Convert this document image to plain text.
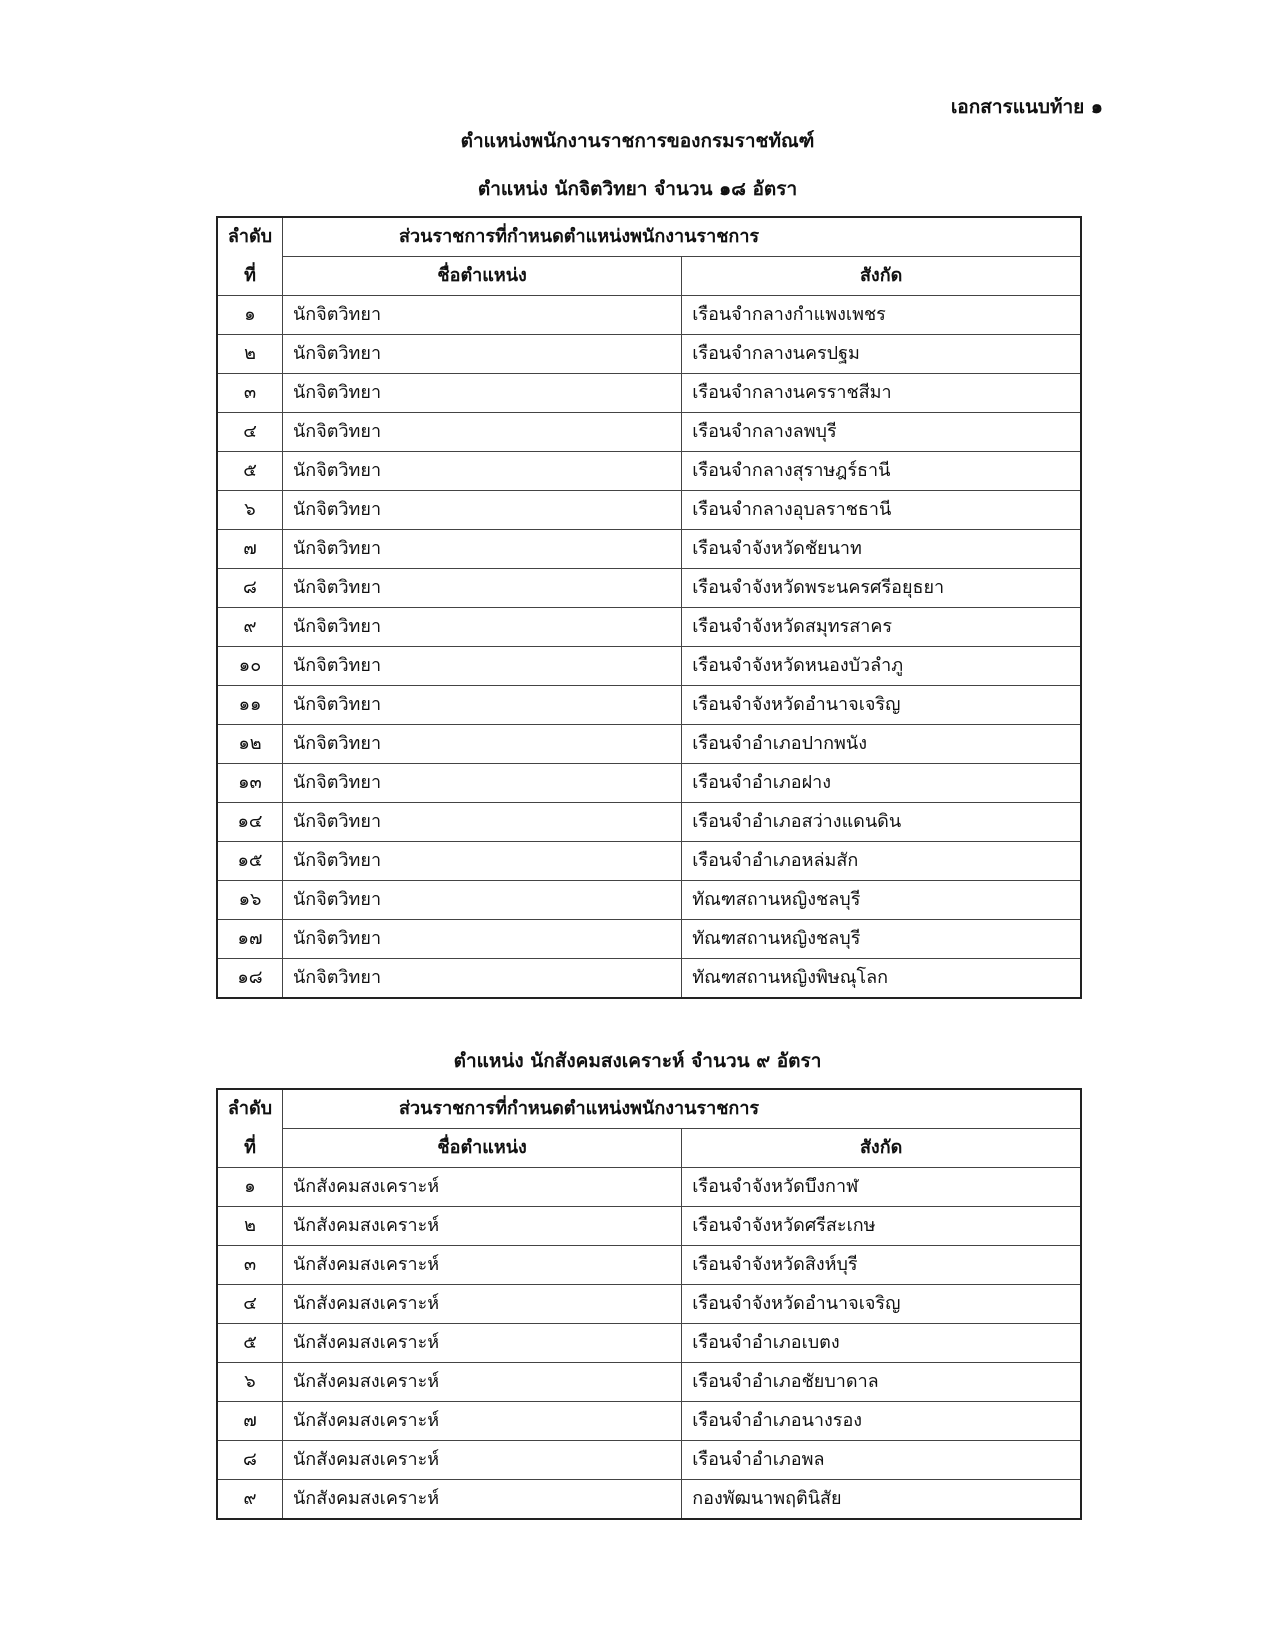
เอกสารแนบท้าย ๑
ตำแหน่งพนักงานราชการของกรมราชทัณฑ์
ตำแหน่ง นักจิตวิทยา จำนวน ๑๘ อัตรา
ลำดับ	ส่วนราชการที่กำหนดตำแหน่งพนักงานราชการ	
ที่	ชื่อตำแหน่ง	สังกัด
๑	นักจิตวิทยา	เรือนจำกลางกำแพงเพชร
๒	นักจิตวิทยา	เรือนจำกลางนครปฐม
๓	นักจิตวิทยา	เรือนจำกลางนครราชสีมา
๔	นักจิตวิทยา	เรือนจำกลางลพบุรี
๕	นักจิตวิทยา	เรือนจำกลางสุราษฎร์ธานี
๖	นักจิตวิทยา	เรือนจำกลางอุบลราชธานี
๗	นักจิตวิทยา	เรือนจำจังหวัดชัยนาท
๘	นักจิตวิทยา	เรือนจำจังหวัดพระนครศรีอยุธยา
๙	นักจิตวิทยา	เรือนจำจังหวัดสมุทรสาคร
๑๐	นักจิตวิทยา	เรือนจำจังหวัดหนองบัวลำภู
๑๑	นักจิตวิทยา	เรือนจำจังหวัดอำนาจเจริญ
๑๒	นักจิตวิทยา	เรือนจำอำเภอปากพนัง
๑๓	นักจิตวิทยา	เรือนจำอำเภอฝาง
๑๔	นักจิตวิทยา	เรือนจำอำเภอสว่างแดนดิน
๑๕	นักจิตวิทยา	เรือนจำอำเภอหล่มสัก
๑๖	นักจิตวิทยา	ทัณฑสถานหญิงชลบุรี
๑๗	นักจิตวิทยา	ทัณฑสถานหญิงชลบุรี
๑๘	นักจิตวิทยา	ทัณฑสถานหญิงพิษณุโลก
ตำแหน่ง นักสังคมสงเคราะห์ จำนวน ๙ อัตรา
ลำดับ	ส่วนราชการที่กำหนดตำแหน่งพนักงานราชการ	
ที่	ชื่อตำแหน่ง	สังกัด
๑	นักสังคมสงเคราะห์	เรือนจำจังหวัดบึงกาฬ
๒	นักสังคมสงเคราะห์	เรือนจำจังหวัดศรีสะเกษ
๓	นักสังคมสงเคราะห์	เรือนจำจังหวัดสิงห์บุรี
๔	นักสังคมสงเคราะห์	เรือนจำจังหวัดอำนาจเจริญ
๕	นักสังคมสงเคราะห์	เรือนจำอำเภอเบตง
๖	นักสังคมสงเคราะห์	เรือนจำอำเภอชัยบาดาล
๗	นักสังคมสงเคราะห์	เรือนจำอำเภอนางรอง
๘	นักสังคมสงเคราะห์	เรือนจำอำเภอพล
๙	นักสังคมสงเคราะห์	กองพัฒนาพฤตินิสัย
